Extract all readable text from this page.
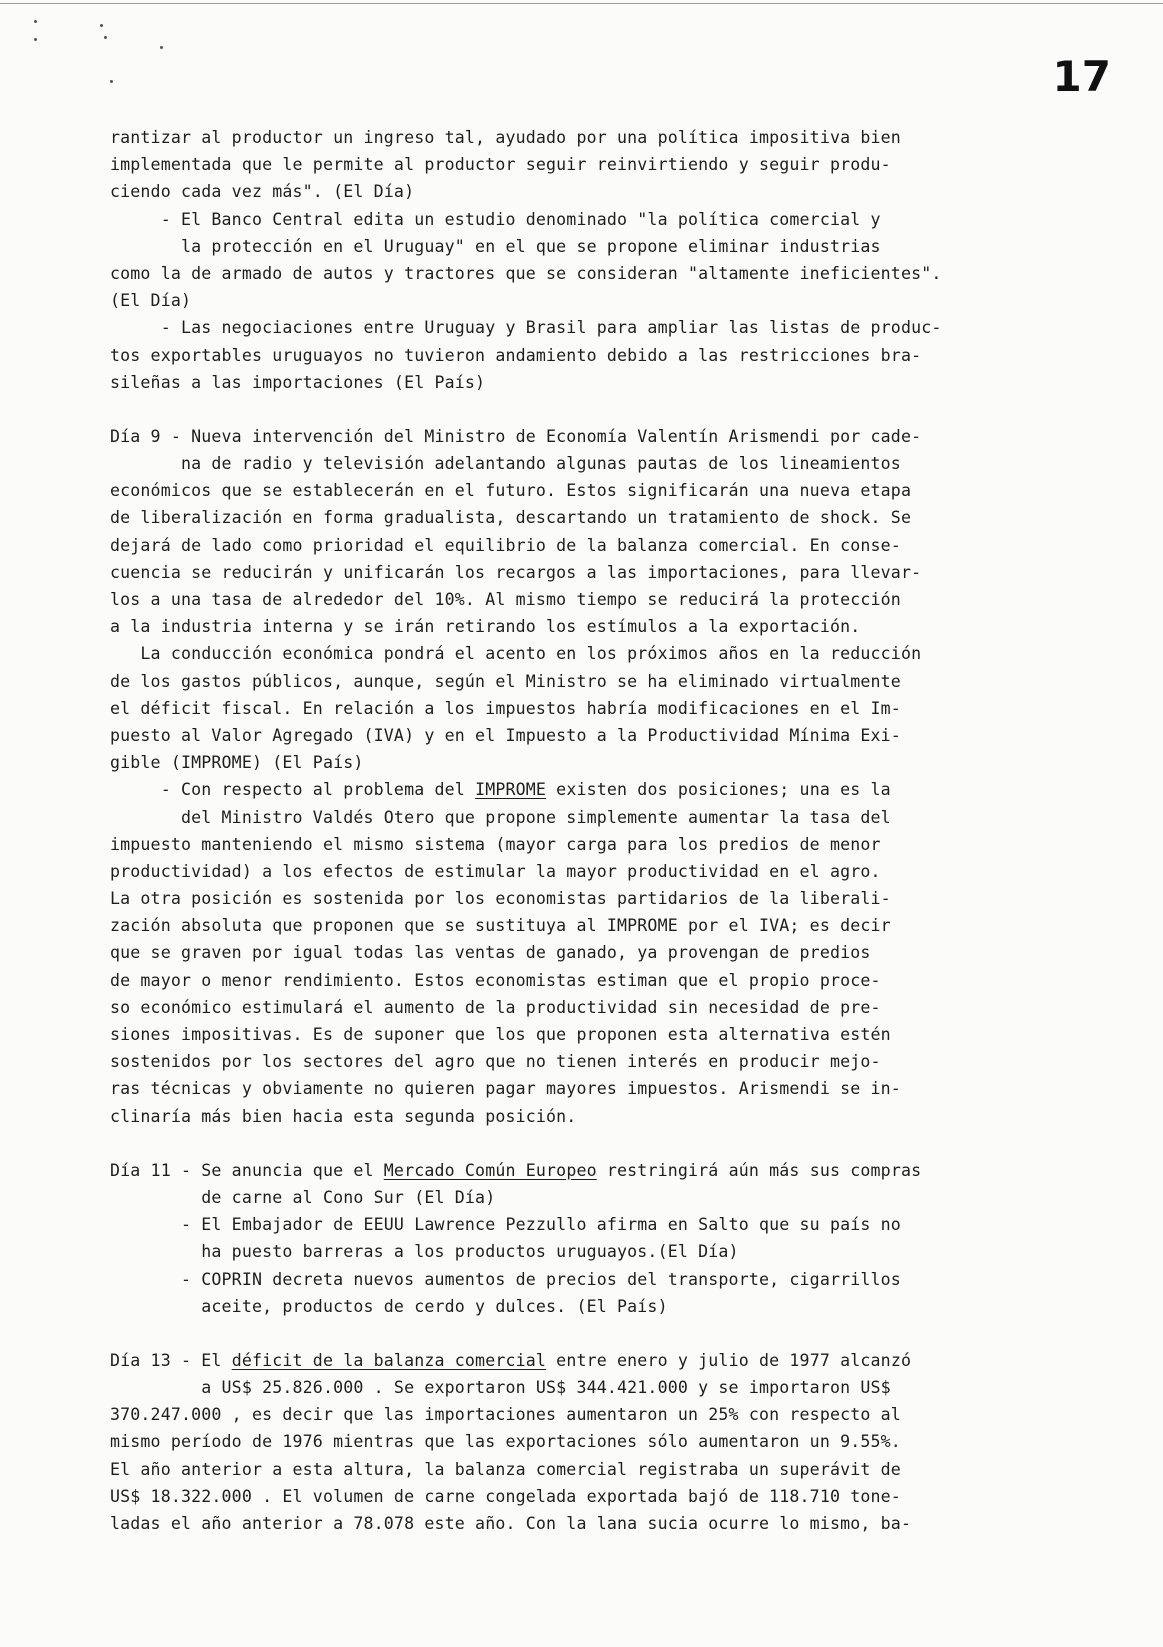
17
rantizar al productor un ingreso tal, ayudado por una política impositiva bien
implementada que le permite al productor seguir reinvirtiendo y seguir produ-
ciendo cada vez más". (El Día)
- El Banco Central edita un estudio denominado "la política comercial y
la protección en el Uruguay" en el que se propone eliminar industrias
como la de armado de autos y tractores que se consideran "altamente ineficientes".
(El Día)
- Las negociaciones entre Uruguay y Brasil para ampliar las listas de produc-
tos exportables uruguayos no tuvieron andamiento debido a las restricciones bra-
sileñas a las importaciones (El País)
Día 9 - Nueva intervención del Ministro de Economía Valentín Arismendi por cade-
na de radio y televisión adelantando algunas pautas de los lineamientos
económicos que se establecerán en el futuro. Estos significarán una nueva etapa
de liberalización en forma gradualista, descartando un tratamiento de shock. Se
dejará de lado como prioridad el equilibrio de la balanza comercial. En conse-
cuencia se reducirán y unificarán los recargos a las importaciones, para llevar-
los a una tasa de alrededor del 10%. Al mismo tiempo se reducirá la protección
a la industria interna y se irán retirando los estímulos a la exportación.
La conducción económica pondrá el acento en los próximos años en la reducción
de los gastos públicos, aunque, según el Ministro se ha eliminado virtualmente
el déficit fiscal. En relación a los impuestos habría modificaciones en el Im-
puesto al Valor Agregado (IVA) y en el Impuesto a la Productividad Mínima Exi-
gible (IMPROME) (El País)
- Con respecto al problema del IMPROME existen dos posiciones; una es la
del Ministro Valdés Otero que propone simplemente aumentar la tasa del
impuesto manteniendo el mismo sistema (mayor carga para los predios de menor
productividad) a los efectos de estimular la mayor productividad en el agro.
La otra posición es sostenida por los economistas partidarios de la liberali-
zación absoluta que proponen que se sustituya al IMPROME por el IVA; es decir
que se graven por igual todas las ventas de ganado, ya provengan de predios
de mayor o menor rendimiento. Estos economistas estiman que el propio proce-
so económico estimulará el aumento de la productividad sin necesidad de pre-
siones impositivas. Es de suponer que los que proponen esta alternativa estén
sostenidos por los sectores del agro que no tienen interés en producir mejo-
ras técnicas y obviamente no quieren pagar mayores impuestos. Arismendi se in-
clinaría más bien hacia esta segunda posición.
Día 11 - Se anuncia que el Mercado Común Europeo restringirá aún más sus compras
de carne al Cono Sur (El Día)
- El Embajador de EEUU Lawrence Pezzullo afirma en Salto que su país no
ha puesto barreras a los productos uruguayos.(El Día)
- COPRIN decreta nuevos aumentos de precios del transporte, cigarrillos
aceite, productos de cerdo y dulces. (El País)
Día 13 - El déficit de la balanza comercial entre enero y julio de 1977 alcanzó
a US$ 25.826.000 . Se exportaron US$ 344.421.000 y se importaron US$
370.247.000 , es decir que las importaciones aumentaron un 25% con respecto al
mismo período de 1976 mientras que las exportaciones sólo aumentaron un 9.55%.
El año anterior a esta altura, la balanza comercial registraba un superávit de
US$ 18.322.000 . El volumen de carne congelada exportada bajó de 118.710 tone-
ladas el año anterior a 78.078 este año. Con la lana sucia ocurre lo mismo, ba-
